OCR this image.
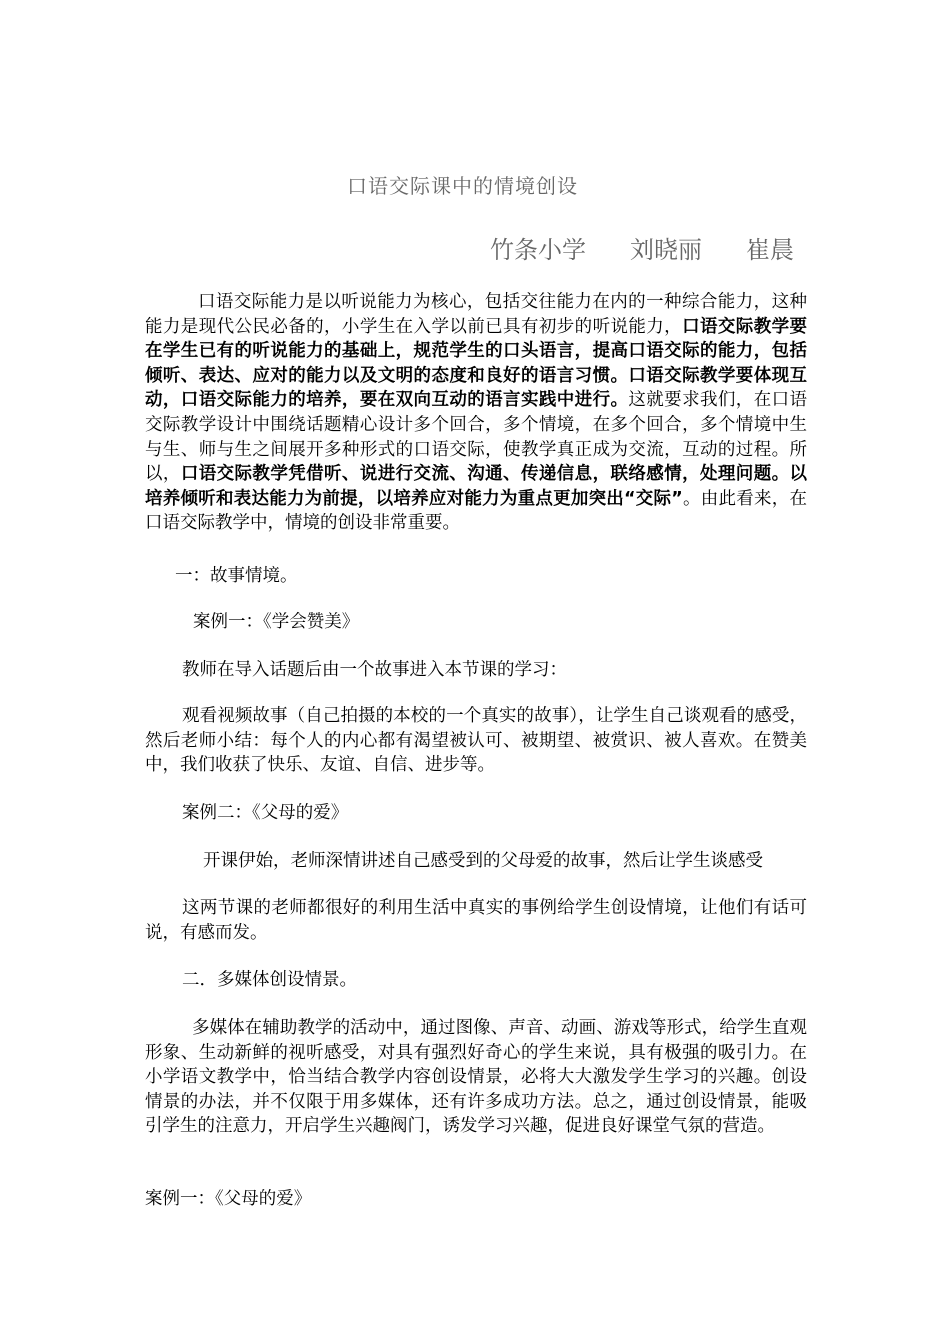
口语交际课中的情境创设
竹条小学 刘晓丽 崔晨
口语交际能力是以听说能力为核心，包括交往能力在内的一种综合能力，这种能力是现代公民必备的，小学生在入学以前已具有初步的听说能力，口语交际教学要在学生已有的听说能力的基础上，规范学生的口头语言，提高口语交际的能力，包括倾听、表达、应对的能力以及文明的态度和良好的语言习惯。口语交际教学要体现互动，口语交际能力的培养，要在双向互动的语言实践中进行。这就要求我们，在口语交际教学设计中围绕话题精心设计多个回合，多个情境，在多个回合，多个情境中生与生、师与生之间展开多种形式的口语交际，使教学真正成为交流，互动的过程。所以，口语交际教学凭借听、说进行交流、沟通、传递信息，联络感情，处理问题。以培养倾听和表达能力为前提，以培养应对能力为重点更加突出“交际”。由此看来，在口语交际教学中，情境的创设非常重要。
一：故事情境。
案例一：《学会赞美》
教师在导入话题后由一个故事进入本节课的学习：
观看视频故事（自己拍摄的本校的一个真实的故事），让学生自己谈观看的感受，然后老师小结：每个人的内心都有渴望被认可、被期望、被赏识、被人喜欢。在赞美中，我们收获了快乐、友谊、自信、进步等。
案例二：《父母的爱》
开课伊始，老师深情讲述自己感受到的父母爱的故事，然后让学生谈感受
这两节课的老师都很好的利用生活中真实的事例给学生创设情境，让他们有话可说，有感而发。
二．多媒体创设情景。
多媒体在辅助教学的活动中，通过图像、声音、动画、游戏等形式，给学生直观形象、生动新鲜的视听感受，对具有强烈好奇心的学生来说，具有极强的吸引力。在小学语文教学中，恰当结合教学内容创设情景，必将大大激发学生学习的兴趣。创设情景的办法，并不仅限于用多媒体，还有许多成功方法。总之，通过创设情景，能吸引学生的注意力，开启学生兴趣阀门，诱发学习兴趣，促进良好课堂气氛的营造。
案例一：《父母的爱》
